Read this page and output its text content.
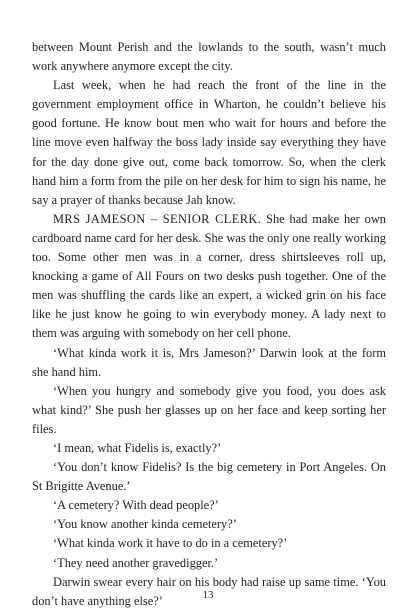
between Mount Perish and the lowlands to the south, wasn’t much work anywhere anymore except the city.

Last week, when he had reach the front of the line in the government employment office in Wharton, he couldn’t believe his good fortune. He know bout men who wait for hours and before the line move even halfway the boss lady inside say everything they have for the day done give out, come back tomorrow. So, when the clerk hand him a form from the pile on her desk for him to sign his name, he say a prayer of thanks because Jah know.

MRS JAMESON – SENIOR CLERK. She had make her own cardboard name card for her desk. She was the only one really working too. Some other men was in a corner, dress shirtsleeves roll up, knocking a game of All Fours on two desks push together. One of the men was shuffling the cards like an expert, a wicked grin on his face like he just know he going to win everybody money. A lady next to them was arguing with somebody on her cell phone.

‘What kinda work it is, Mrs Jameson?’ Darwin look at the form she hand him.

‘When you hungry and somebody give you food, you does ask what kind?’ She push her glasses up on her face and keep sorting her files.

‘I mean, what Fidelis is, exactly?’

‘You don’t know Fidelis? Is the big cemetery in Port Angeles. On St Brigitte Avenue.’

‘A cemetery? With dead people?’

‘You know another kinda cemetery?’

‘What kinda work it have to do in a cemetery?’

‘They need another gravedigger.’

Darwin swear every hair on his body had raise up same time. ‘You don’t have anything else?’	13
